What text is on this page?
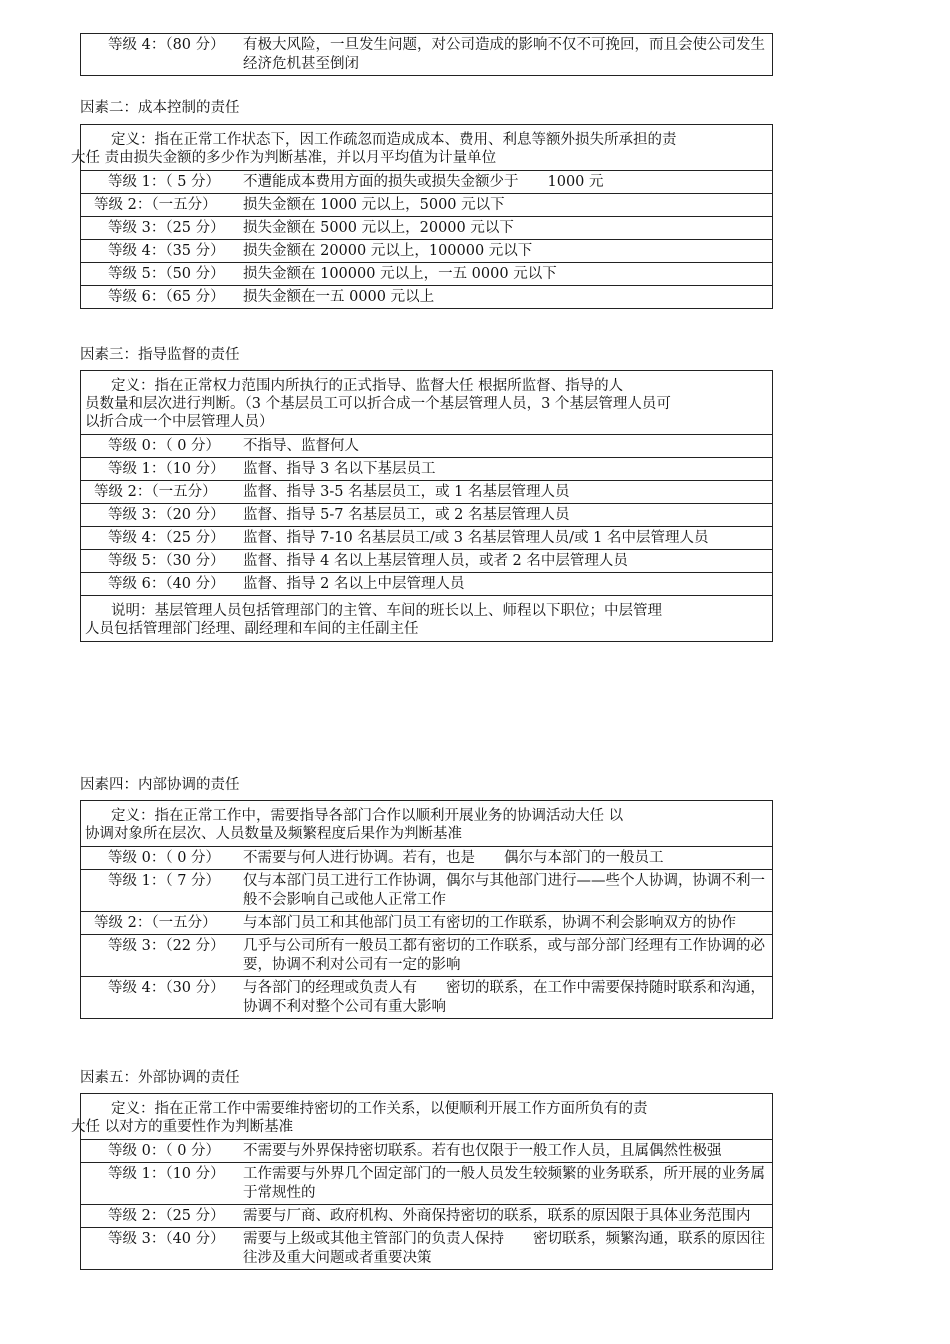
等级 4：（80 分）	有极大风险，一旦发生问题，对公司造成的影响不仅不可挽回，而且会使公司发生经济危机甚至倒闭
因素二：成本控制的责任
定义：指在正常工作状态下，因工作疏忽而造成成本、费用、利息等额外损失所承担的责
大任 责由损失金额的多少作为判断基准，并以月平均值为计量单位
等级 1：（ 5 分）	不遭能成本费用方面的损失或损失金额少于　　1000 元
等级 2：（一五分）	损失金额在 1000 元以上，5000 元以下
等级 3：（25 分）	损失金额在 5000 元以上，20000 元以下
等级 4：（35 分）	损失金额在 20000 元以上，100000 元以下
等级 5：（50 分）	损失金额在 100000 元以上，一五 0000 元以下
等级 6：（65 分）	损失金额在一五 0000 元以上
因素三：指导监督的责任
定义：指在正常权力范围内所执行的正式指导、监督大任 根据所监督、指导的人
员数量和层次进行判断。（3 个基层员工可以折合成一个基层管理人员，3 个基层管理人员可
以折合成一个中层管理人员）
等级 0：（ 0 分）	不指导、监督何人
等级 1：（10 分）	监督、指导 3 名以下基层员工
等级 2：（一五分）	监督、指导 3-5 名基层员工，或 1 名基层管理人员
等级 3：（20 分）	监督、指导 5-7 名基层员工，或 2 名基层管理人员
等级 4：（25 分）	监督、指导 7-10 名基层员工/或 3 名基层管理人员/或 1 名中层管理人员
等级 5：（30 分）	监督、指导 4 名以上基层管理人员，或者 2 名中层管理人员
等级 6：（40 分）	监督、指导 2 名以上中层管理人员
说明：基层管理人员包括管理部门的主管、车间的班长以上、师程以下职位；中层管理
人员包括管理部门经理、副经理和车间的主任副主任
因素四：内部协调的责任
定义：指在正常工作中，需要指导各部门合作以顺利开展业务的协调活动大任 以
协调对象所在层次、人员数量及频繁程度后果作为判断基准
等级 0：（ 0 分）	不需要与何人进行协调。若有，也是　　偶尔与本部门的一般员工
等级 1：（ 7 分）	仅与本部门员工进行工作协调，偶尔与其他部门进行——些个人协调，协调不利一般不会影响自己或他人正常工作
等级 2：（一五分）	与本部门员工和其他部门员工有密切的工作联系，协调不利会影响双方的协作
等级 3：（22 分）	几乎与公司所有一般员工都有密切的工作联系，或与部分部门经理有工作协调的必要，协调不利对公司有一定的影响
等级 4：（30 分）	与各部门的经理或负责人有　　密切的联系，在工作中需要保持随时联系和沟通，协调不利对整个公司有重大影响
因素五：外部协调的责任
定义：指在正常工作中需要维持密切的工作关系，以便顺利开展工作方面所负有的责
大任 以对方的重要性作为判断基准
等级 0：（ 0 分）	不需要与外界保持密切联系。若有也仅限于一般工作人员，且属偶然性极强
等级 1：（10 分）	工作需要与外界几个固定部门的一般人员发生较频繁的业务联系，所开展的业务属于常规性的
等级 2：（25 分）	需要与厂商、政府机构、外商保持密切的联系，联系的原因限于具体业务范围内
等级 3：（40 分）	需要与上级或其他主管部门的负责人保持　　密切联系，频繁沟通，联系的原因往往涉及重大问题或者重要决策
